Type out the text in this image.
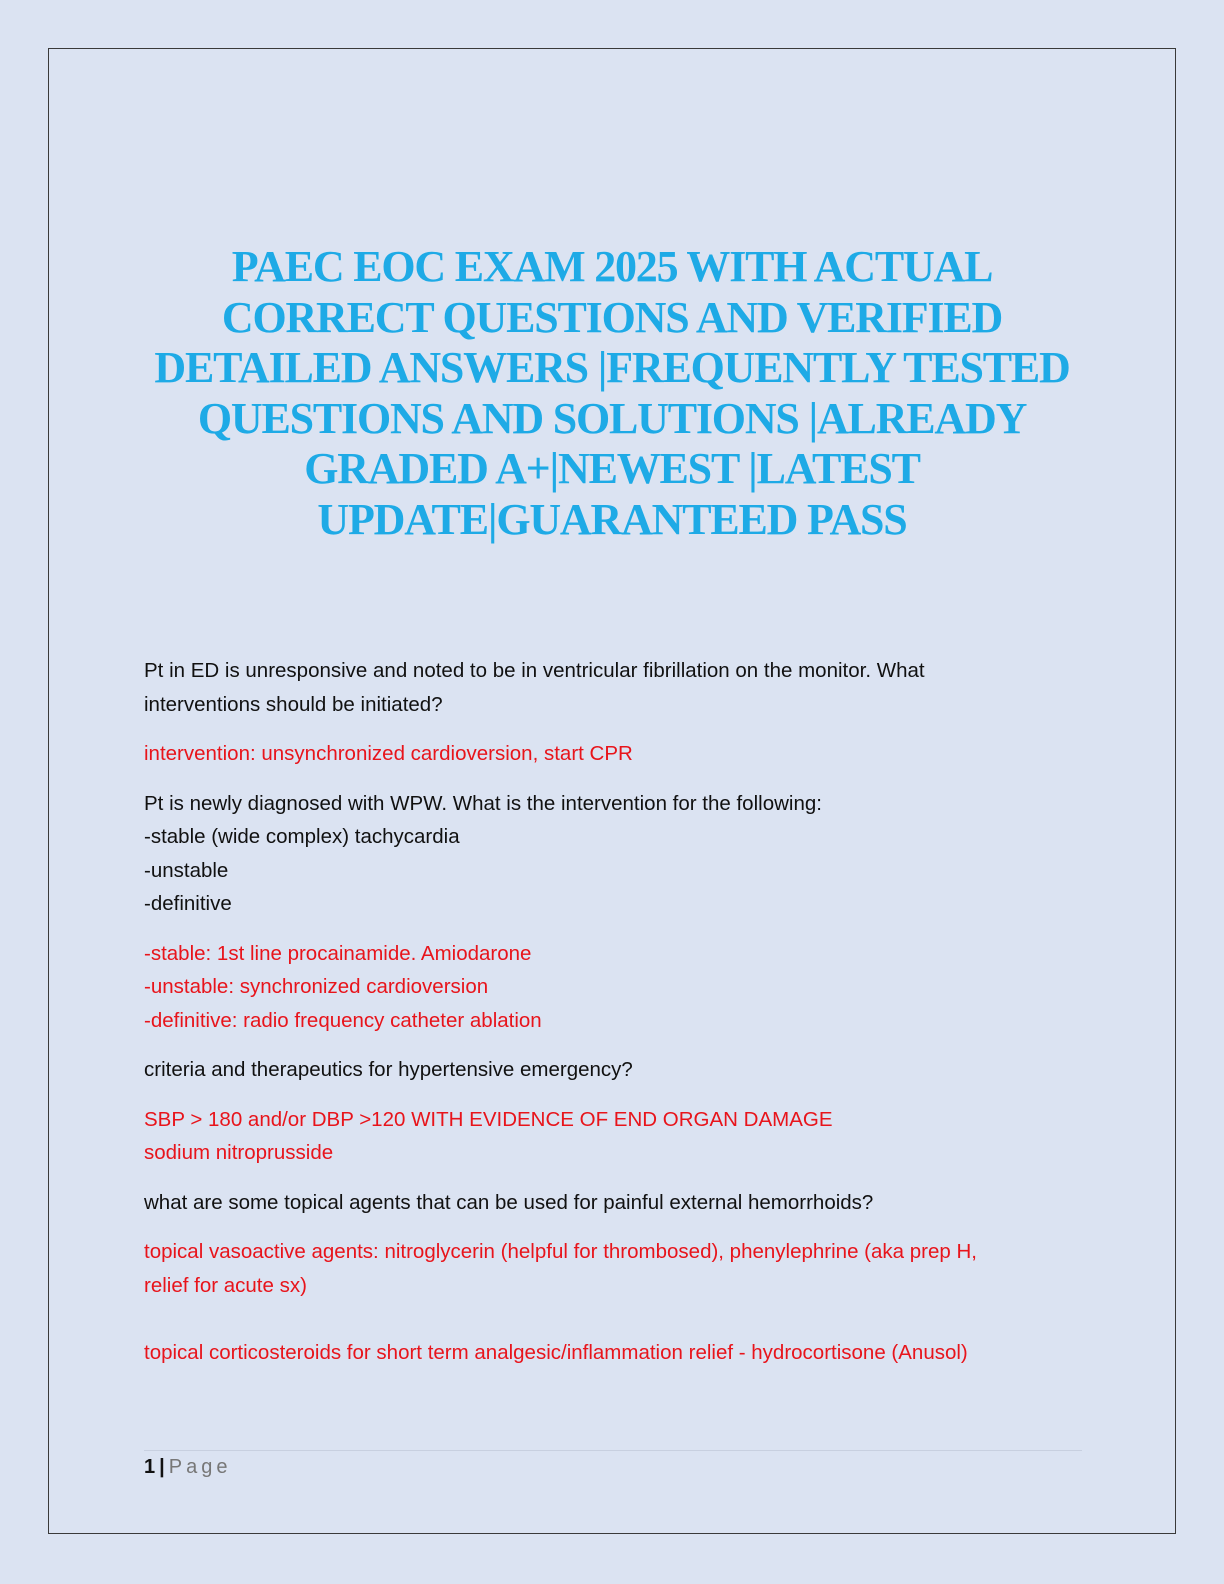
PAEC EOC EXAM 2025 WITH ACTUAL
CORRECT QUESTIONS AND VERIFIED
DETAILED ANSWERS |FREQUENTLY TESTED
QUESTIONS AND SOLUTIONS |ALREADY
GRADED A+|NEWEST |LATEST
UPDATE|GUARANTEED PASS
Pt in ED is unresponsive and noted to be in ventricular fibrillation on the monitor. What
interventions should be initiated?
intervention: unsynchronized cardioversion, start CPR
Pt is newly diagnosed with WPW. What is the intervention for the following:
-stable (wide complex) tachycardia
-unstable
-definitive
-stable: 1st line procainamide. Amiodarone
-unstable: synchronized cardioversion
-definitive: radio frequency catheter ablation
criteria and therapeutics for hypertensive emergency?
SBP > 180 and/or DBP >120 WITH EVIDENCE OF END ORGAN DAMAGE
sodium nitroprusside
what are some topical agents that can be used for painful external hemorrhoids?
topical vasoactive agents: nitroglycerin (helpful for thrombosed), phenylephrine (aka prep H,
relief for acute sx)
topical corticosteroids for short term analgesic/inflammation relief - hydrocortisone (Anusol)
1 | Page
